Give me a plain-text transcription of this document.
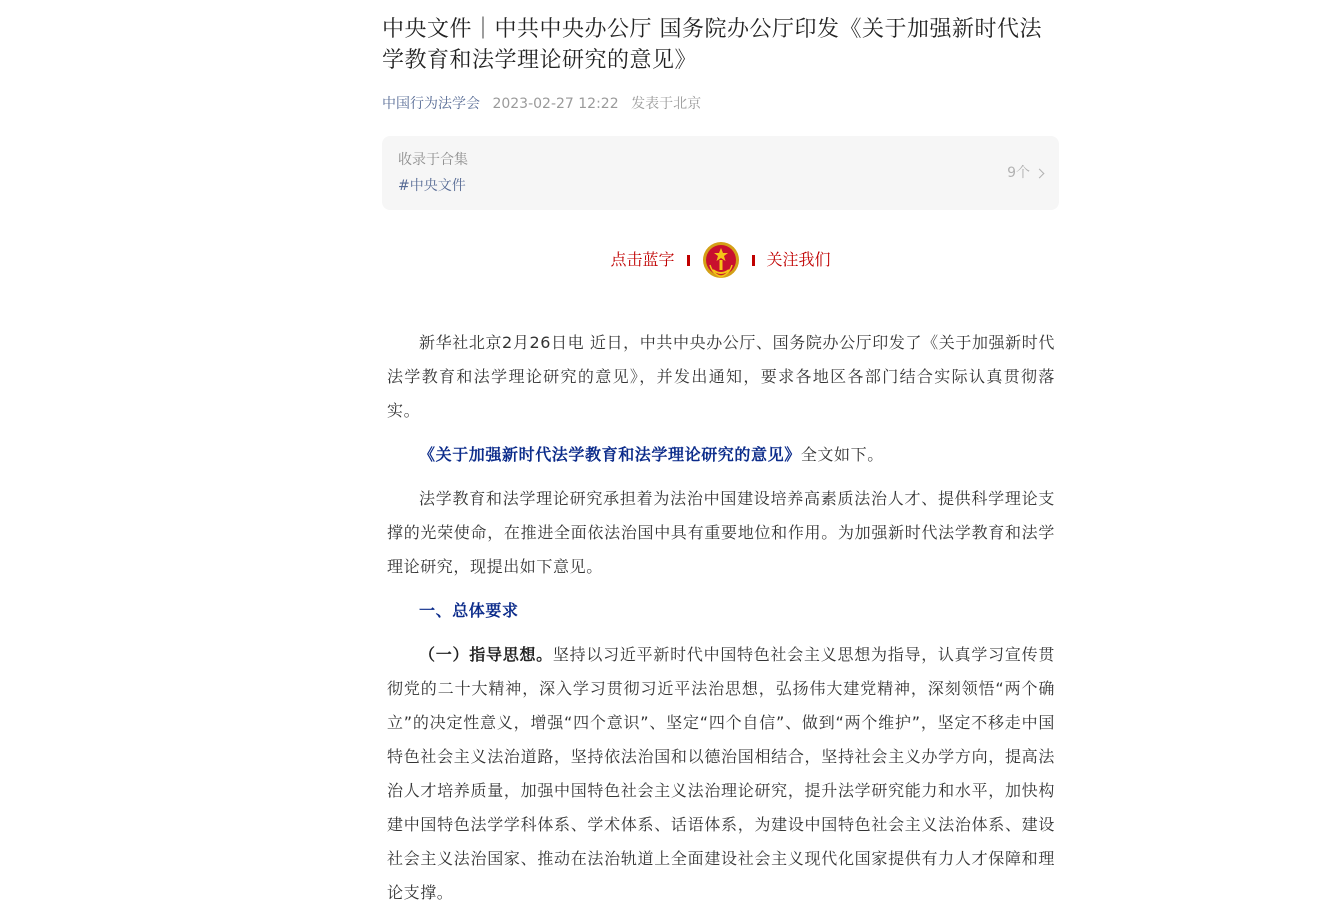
中央文件｜中共中央办公厅 国务院办公厅印发《关于加强新时代法学教育和法学理论研究的意见》
中国行为法学会 2023-02-27 12:22 发表于北京
收录于合集
#中央文件
9个
点击蓝字	关注我们

新华社北京2月26日电 近日，中共中央办公厅、国务院办公厅印发了《关于加强新时代法学教育和法学理论研究的意见》，并发出通知，要求各地区各部门结合实际认真贯彻落实。

《关于加强新时代法学教育和法学理论研究的意见》全文如下。

法学教育和法学理论研究承担着为法治中国建设培养高素质法治人才、提供科学理论支撑的光荣使命，在推进全面依法治国中具有重要地位和作用。为加强新时代法学教育和法学理论研究，现提出如下意见。

一、总体要求

（一）指导思想。坚持以习近平新时代中国特色社会主义思想为指导，认真学习宣传贯彻党的二十大精神，深入学习贯彻习近平法治思想，弘扬伟大建党精神，深刻领悟“两个确立”的决定性意义，增强“四个意识”、坚定“四个自信”、做到“两个维护”，坚定不移走中国特色社会主义法治道路，坚持依法治国和以德治国相结合，坚持社会主义办学方向，提高法治人才培养质量，加强中国特色社会主义法治理论研究，提升法学研究能力和水平，加快构建中国特色法学学科体系、学术体系、话语体系，为建设中国特色社会主义法治体系、建设社会主义法治国家、推动在法治轨道上全面建设社会主义现代化国家提供有力人才保障和理论支撑。
